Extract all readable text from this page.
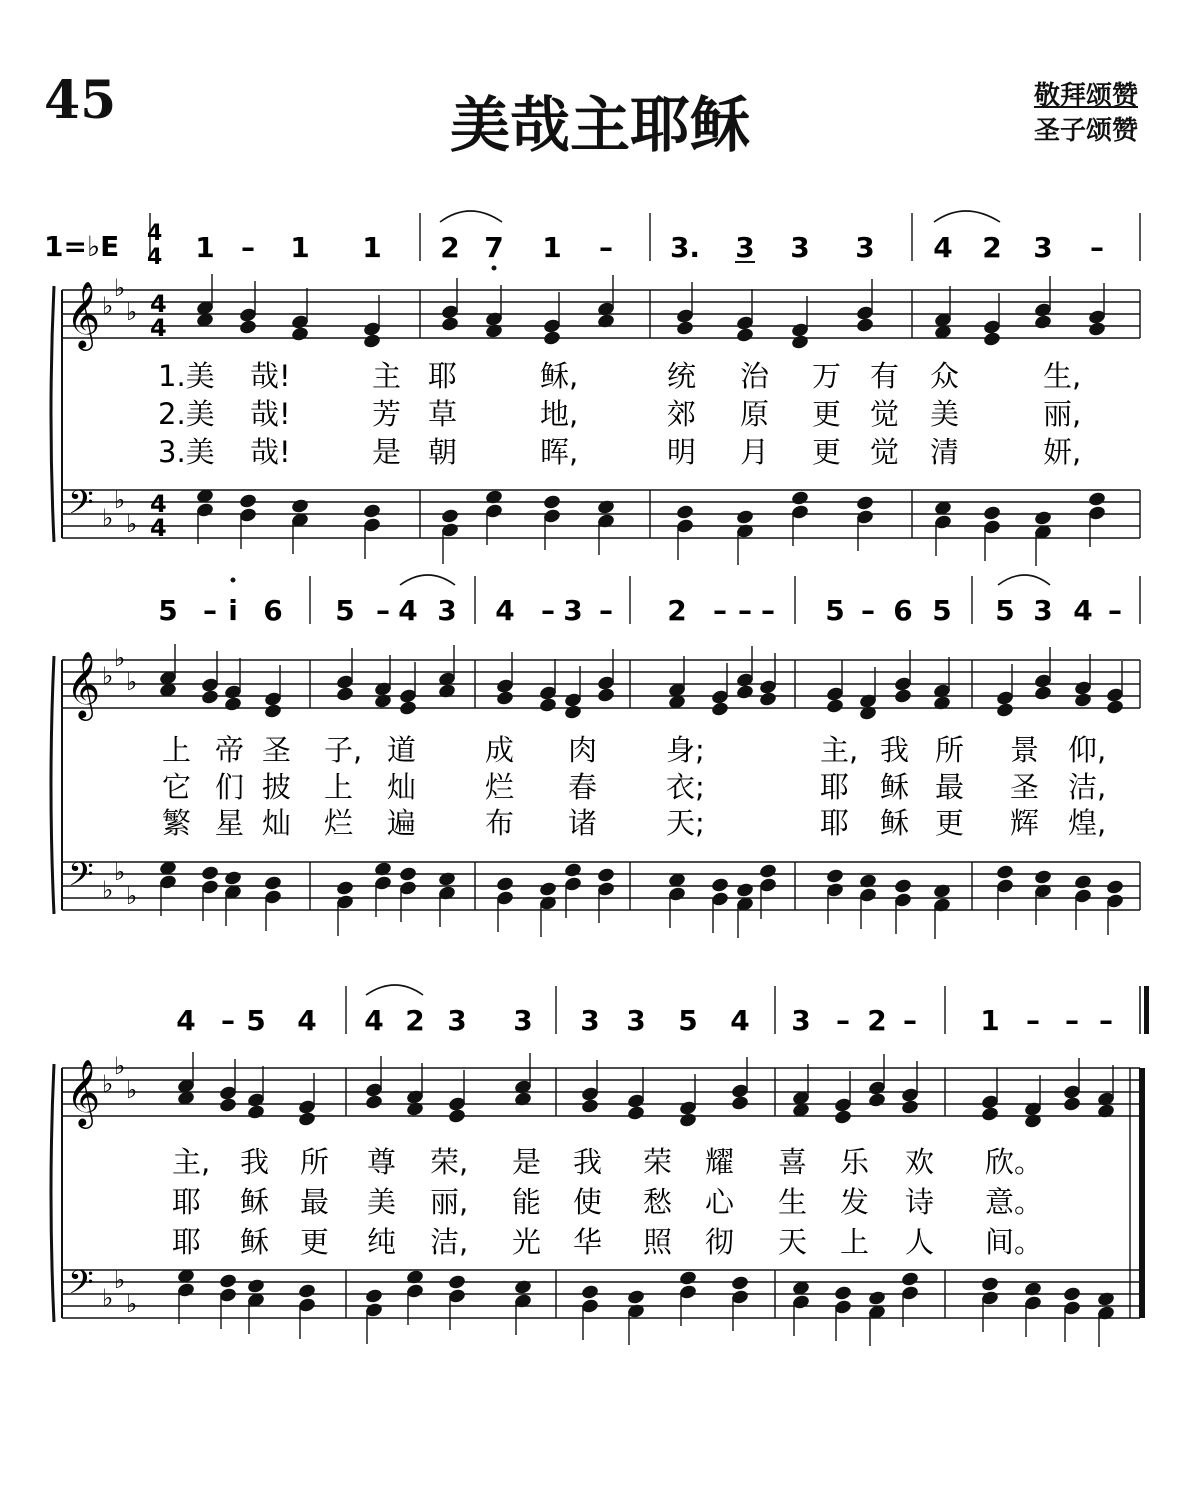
45	美哉主耶稣	敬拜颂赞
圣子颂赞
𝄞
𝄢
♭
♭
♭
♭
♭
♭
4
4
4
4
𝄞
𝄢
♭
♭
♭
♭
♭
♭
𝄞
𝄢
♭
♭
♭
♭
♭
♭
1 – 1 1 2 7 1 – 3. 3 3 3 4 2 3 –
5 – i 6 5 – 4 3 4 – 3 – 2 – – – 5 – 6 5 5 3 4 –
4 – 5 4 4 2 3 3 3 3 5 4 3 – 2 – 1 – – –
1.美 哉!	主 耶	稣,	统 治 万 有 众	生,
2.美 哉!	芳 草	地,	郊 原 更 觉 美	丽,
3.美 哉!	是 朝	晖,	明 月 更 觉 清	妍,
上 帝 圣 子, 道 成 肉 身;	主, 我 所 景 仰,
它 们 披 上 灿 烂 春 衣;	耶 稣 最 圣 洁,
繁 星 灿 烂 遍 布 诸 天;	耶 稣 更 辉 煌,
主, 我 所 尊 荣, 是 我 荣 耀 喜 乐 欢 欣。
耶 稣 最 美 丽, 能 使 愁 心 生 发 诗 意。
耶 稣 更 纯 洁, 光 华 照 彻 天 上 人 间。
1=♭E 4
4
